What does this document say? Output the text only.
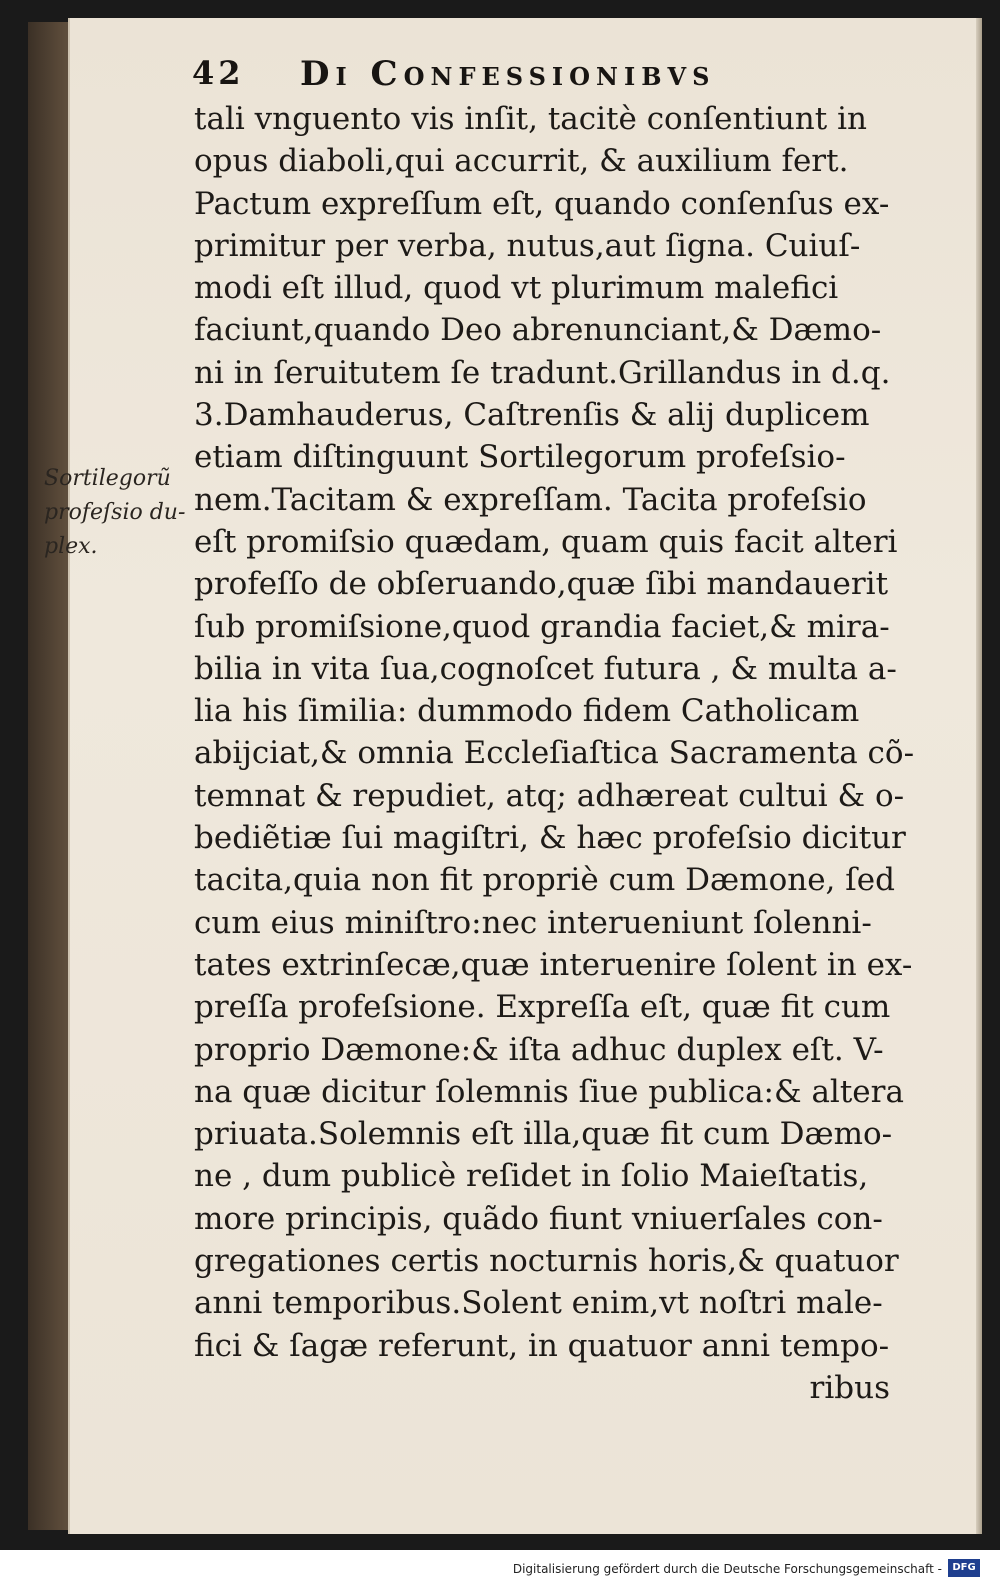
42 Di Confessionibvs
Sortilegorũ
profeſsio du-
plex.
tali vnguento vis inſit, tacitè conſentiunt in
opus diaboli,qui accurrit, & auxilium fert.
Pactum expreſſum eſt, quando conſenſus ex-
primitur per verba, nutus,aut ſigna. Cuiuſ-
modi eſt illud, quod vt plurimum malefici
faciunt,quando Deo abrenunciant,& Dæmo-
ni in ſeruitutem ſe tradunt.Grillandus in d.q.
3.Damhauderus, Caſtrenſis & alij duplicem
etiam diſtinguunt Sortilegorum profeſsio-
nem.Tacitam & expreſſam. Tacita profeſsio
eſt promiſsio quædam, quam quis facit alteri
profeſſo de obſeruando,quæ ſibi mandauerit
ſub promiſsione,quod grandia faciet,& mira-
bilia in vita ſua,cognoſcet futura , & multa a-
lia his ſimilia: dummodo fidem Catholicam
abijciat,& omnia Eccleſiaſtica Sacramenta cõ-
temnat & repudiet, atq; adhæreat cultui & o-
bediẽtiæ ſui magiſtri, & hæc profeſsio dicitur
tacita,quia non fit propriè cum Dæmone, ſed
cum eius miniſtro:nec interueniunt ſolenni-
tates extrinſecæ,quæ interuenire ſolent in ex-
preſſa profeſsione. Expreſſa eſt, quæ fit cum
proprio Dæmone:& iſta adhuc duplex eſt. V-
na quæ dicitur ſolemnis ſiue publica:& altera
priuata.Solemnis eſt illa,quæ fit cum Dæmo-
ne , dum publicè reſidet in ſolio Maieſtatis,
more principis, quãdo fiunt vniuerſales con-
gregationes certis nocturnis horis,& quatuor
anni temporibus.Solent enim,vt noſtri male-
fici & ſagæ referunt, in quatuor anni tempo-
ribus
Digitalisierung gefördert durch die Deutsche Forschungsgemeinschaft -	DFG
